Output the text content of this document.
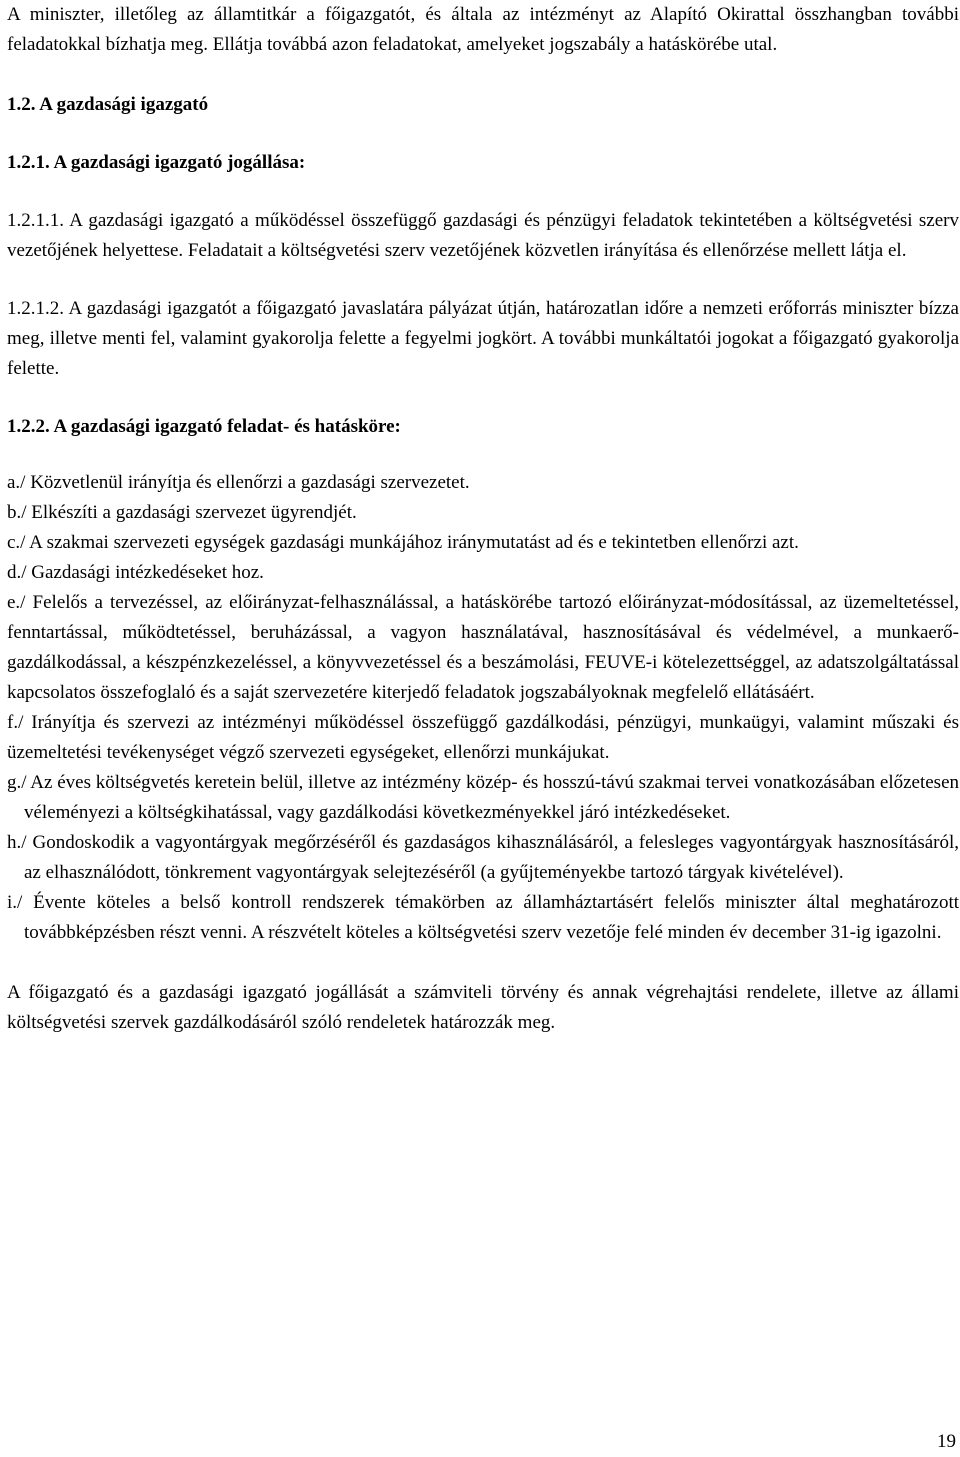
A miniszter, illetőleg az államtitkár a főigazgatót, és általa az intézményt az Alapító Okirattal összhangban további feladatokkal bízhatja meg. Ellátja továbbá azon feladatokat, amelyeket jogszabály a hatáskörébe utal.

1.2. A gazdasági igazgató

1.2.1. A gazdasági igazgató jogállása:

1.2.1.1. A gazdasági igazgató a működéssel összefüggő gazdasági és pénzügyi feladatok tekintetében a költségvetési szerv vezetőjének helyettese. Feladatait a költségvetési szerv vezetőjének közvetlen irányítása és ellenőrzése mellett látja el.

1.2.1.2. A gazdasági igazgatót a főigazgató javaslatára pályázat útján, határozatlan időre a nemzeti erőforrás miniszter bízza meg, illetve menti fel, valamint gyakorolja felette a fegyelmi jogkört. A további munkáltatói jogokat a főigazgató gyakorolja felette.

1.2.2. A gazdasági igazgató feladat- és hatásköre:

a./ Közvetlenül irányítja és ellenőrzi a gazdasági szervezetet.

b./ Elkészíti a gazdasági szervezet ügyrendjét.

c./ A szakmai szervezeti egységek gazdasági munkájához iránymutatást ad és e tekintetben ellenőrzi azt.

d./ Gazdasági intézkedéseket hoz.

e./ Felelős a tervezéssel, az előirányzat-felhasználással, a hatáskörébe tartozó előirányzat-módosítással, az üzemeltetéssel, fenntartással, működtetéssel, beruházással, a vagyon használatával, hasznosításával és védelmével, a munkaerő-gazdálkodással, a készpénzkezeléssel, a könyvvezetéssel és a beszámolási, FEUVE-i kötelezettséggel, az adatszolgáltatással kapcsolatos összefoglaló és a saját szervezetére kiterjedő feladatok jogszabályoknak megfelelő ellátásáért.

f./ Irányítja és szervezi az intézményi működéssel összefüggő gazdálkodási, pénzügyi, munkaügyi, valamint műszaki és üzemeltetési tevékenységet végző szervezeti egységeket, ellenőrzi munkájukat.

g./ Az éves költségvetés keretein belül, illetve az intézmény közép- és hosszú-távú szakmai tervei vonatkozásában előzetesen véleményezi a költségkihatással, vagy gazdálkodási következményekkel járó intézkedéseket.

h./ Gondoskodik a vagyontárgyak megőrzéséről és gazdaságos kihasználásáról, a felesleges vagyontárgyak hasznosításáról, az elhasználódott, tönkrement vagyontárgyak selejtezéséről (a gyűjteményekbe tartozó tárgyak kivételével).

i./ Évente köteles a belső kontroll rendszerek témakörben az államháztartásért felelős miniszter által meghatározott továbbképzésben részt venni. A részvételt köteles a költségvetési szerv vezetője felé minden év december 31-ig igazolni.

A főigazgató és a gazdasági igazgató jogállását a számviteli törvény és annak végrehajtási rendelete, illetve az állami költségvetési szervek gazdálkodásáról szóló rendeletek határozzák meg.

19
